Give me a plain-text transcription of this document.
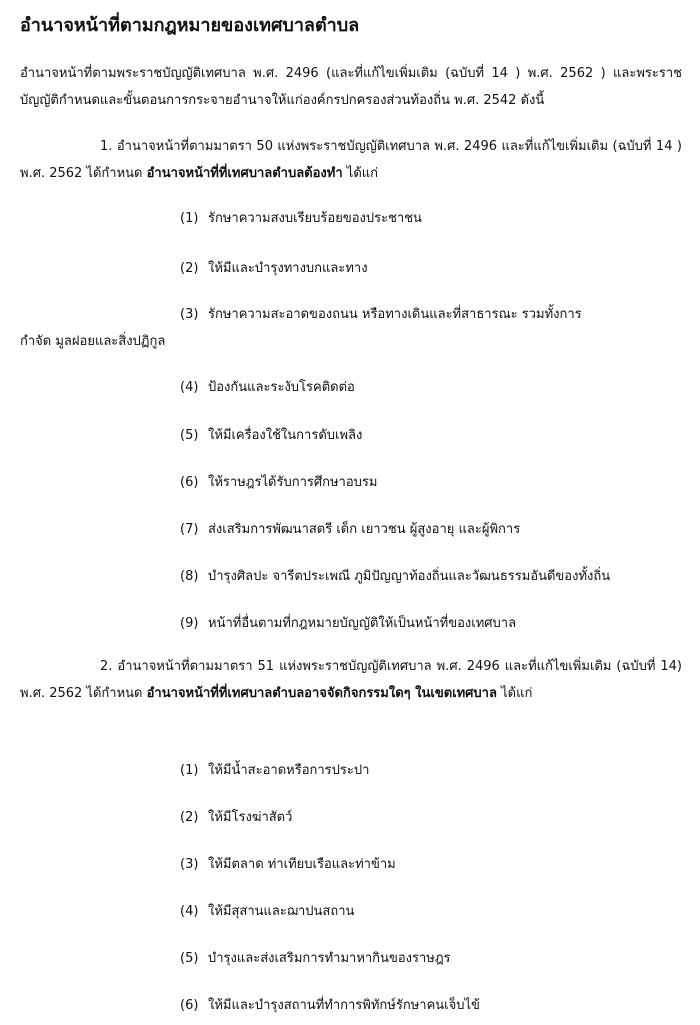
อำนาจหน้าที่ตามกฎหมายของเทศบาลตำบล
อำนาจหน้าที่ตามพระราชบัญญัติเทศบาล พ.ศ. 2496 (และที่แก้ไขเพิ่มเติม (ฉบับที่ 14 ) พ.ศ. 2562 ) และพระราชบัญญัติกำหนดและขั้นตอนการกระจายอำนาจให้แก่องค์กรปกครองส่วนท้องถิ่น พ.ศ. 2542 ดังนี้
1. อำนาจหน้าที่ตามมาตรา 50 แห่งพระราชบัญญัติเทศบาล พ.ศ. 2496 และที่แก้ไขเพิ่มเติม (ฉบับที่ 14 ) พ.ศ. 2562 ได้กำหนด อำนาจหน้าที่ที่เทศบาลตำบลต้องทำ ได้แก่
(1) รักษาความสงบเรียบร้อยของประชาชน
(2) ให้มีและบำรุงทางบกและทาง
(3) รักษาความสะอาดของถนน หรือทางเดินและที่สาธารณะ รวมทั้งการ
กำจัด มูลฝอยและสิ่งปฏิกูล
(4) ป้องกันและระงับโรคติดต่อ
(5) ให้มีเครื่องใช้ในการดับเพลิง
(6) ให้ราษฎรได้รับการศึกษาอบรม
(7) ส่งเสริมการพัฒนาสตรี เด็ก เยาวชน ผู้สูงอายุ และผู้พิการ
(8) บำรุงศิลปะ จารีตประเพณี ภูมิปัญญาท้องถิ่นและวัฒนธรรมอันดีของทั้งถิ่น
(9) หน้าที่อื่นตามที่กฎหมายบัญญัติให้เป็นหน้าที่ของเทศบาล
2. อำนาจหน้าที่ตามมาตรา 51 แห่งพระราชบัญญัติเทศบาล พ.ศ. 2496 และที่แก้ไขเพิ่มเติม (ฉบับที่ 14) พ.ศ. 2562 ได้กำหนด อำนาจหน้าที่ที่เทศบาลตำบลอาจจัดกิจกรรมใดๆ ในเขตเทศบาล ได้แก่
(1) ให้มีน้ำสะอาดหรือการประปา
(2) ให้มีโรงฆ่าสัตว์
(3) ให้มีตลาด ท่าเทียบเรือและท่าข้าม
(4) ให้มีสุสานและฌาปนสถาน
(5) บำรุงและส่งเสริมการทำมาหากินของราษฎร
(6) ให้มีและบำรุงสถานที่ทำการพิทักษ์รักษาคนเจ็บไข้
